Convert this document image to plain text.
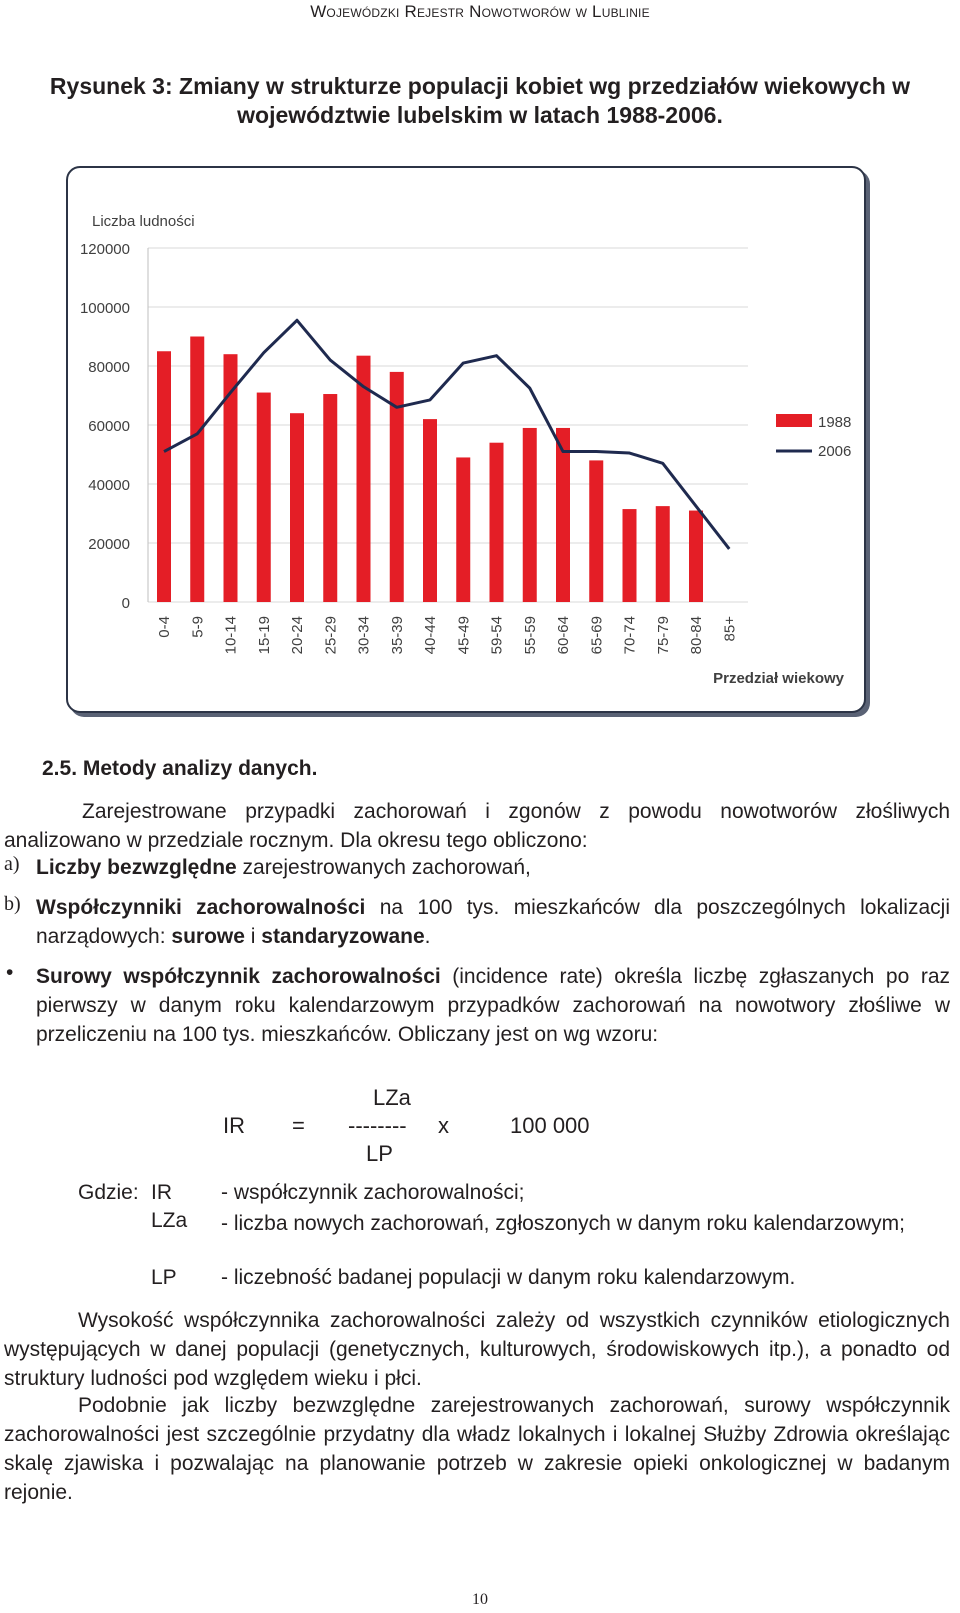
Wojewódzki Rejestr Nowotworów w Lublinie
Rysunek 3: Zmiany w strukturze populacji kobiet wg przedziałów wiekowych w
województwie lubelskim w latach 1988-2006.
0
20000
40000
60000
80000
100000
120000
Liczba ludności
Przedział wiekowy
0-4 5-9 10-14 15-19 20-24 25-29 30-34 35-39 40-44 45-49 59-54 55-59 60-64 65-69 70-74 75-79 80-84 85+
1988
2006
2.5. Metody analizy danych.
Zarejestrowane przypadki zachorowań i zgonów z powodu nowotworów złośliwych analizowano w przedziale rocznym. Dla okresu tego obliczono:
a) Liczby bezwzględne zarejestrowanych zachorowań,
b) Współczynniki zachorowalności na 100 tys. mieszkańców dla poszczególnych lokalizacji narządowych: surowe i standaryzowane.
• Surowy współczynnik zachorowalności (incidence rate) określa liczbę zgłaszanych po raz pierwszy w danym roku kalendarzowym przypadków zachorowań na nowotwory złośliwe w przeliczeniu na 100 tys. mieszkańców. Obliczany jest on wg wzoru:
LZa
IR = -------- x	100 000
LP
Gdzie: IR - współczynnik zachorowalności;
LZa	- liczba nowych zachorowań, zgłoszonych w danym roku kalendarzowym;
LP - liczebność badanej populacji w danym roku kalendarzowym.
Wysokość współczynnika zachorowalności zależy od wszystkich czynników etiologicznych występujących w danej populacji (genetycznych, kulturowych, środowiskowych itp.), a ponadto od struktury ludności pod względem wieku i płci.
Podobnie jak liczby bezwzględne zarejestrowanych zachorowań, surowy współczynnik zachorowalności jest szczególnie przydatny dla władz lokalnych i lokalnej Służby Zdrowia określając skalę zjawiska i pozwalając na planowanie potrzeb w zakresie opieki onkologicznej w badanym rejonie.
10
